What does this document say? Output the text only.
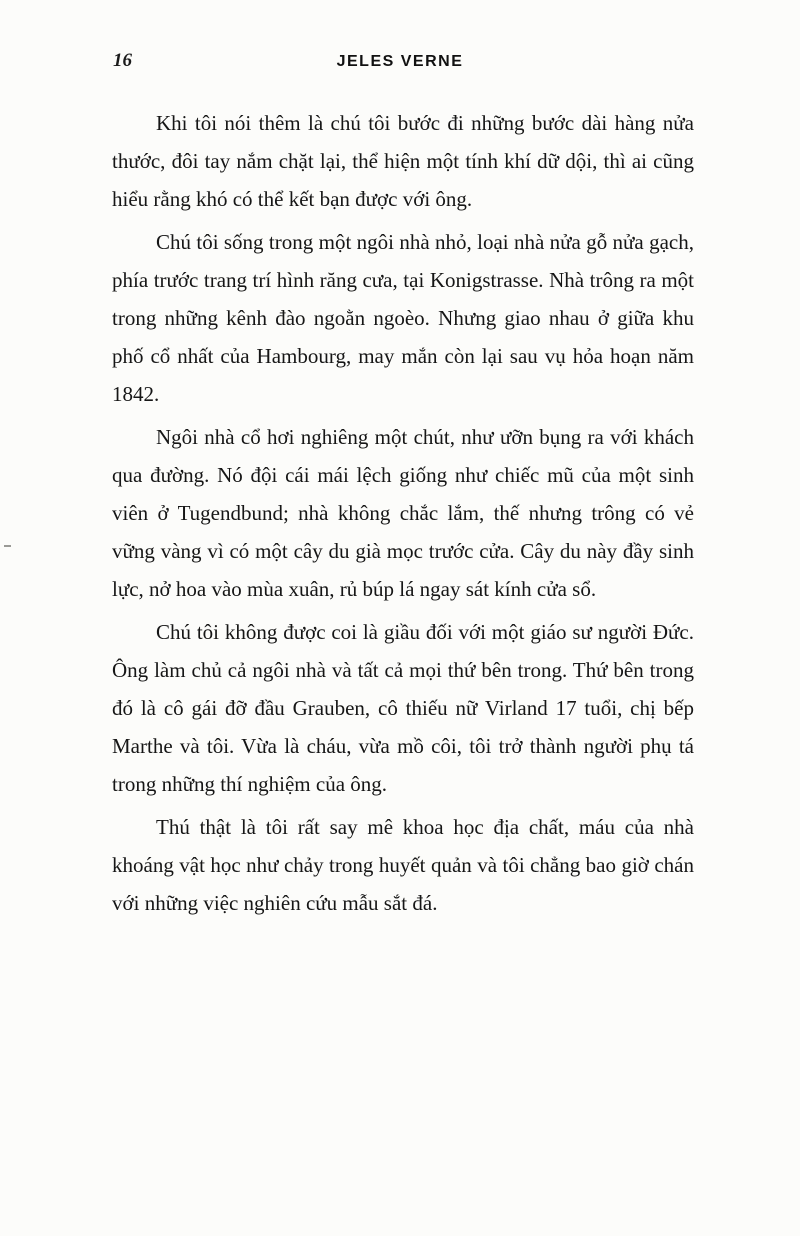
16	JELES VERNE

Khi tôi nói thêm là chú tôi bước đi những bước dài hàng nửa thước, đôi tay nắm chặt lại, thể hiện một tính khí dữ dội, thì ai cũng hiểu rằng khó có thể kết bạn được với ông.

Chú tôi sống trong một ngôi nhà nhỏ, loại nhà nửa gỗ nửa gạch, phía trước trang trí hình răng cưa, tại Konigstrasse. Nhà trông ra một trong những kênh đào ngoằn ngoèo. Nhưng giao nhau ở giữa khu phố cổ nhất của Hambourg, may mắn còn lại sau vụ hỏa hoạn năm 1842.

Ngôi nhà cổ hơi nghiêng một chút, như ưỡn bụng ra với khách qua đường. Nó đội cái mái lệch giống như chiếc mũ của một sinh viên ở Tugendbund; nhà không chắc lắm, thế nhưng trông có vẻ vững vàng vì có một cây du già mọc trước cửa. Cây du này đầy sinh lực, nở hoa vào mùa xuân, rủ búp lá ngay sát kính cửa sổ.

Chú tôi không được coi là giầu đối với một giáo sư người Đức. Ông làm chủ cả ngôi nhà và tất cả mọi thứ bên trong. Thứ bên trong đó là cô gái đỡ đầu Grauben, cô thiếu nữ Virland 17 tuổi, chị bếp Marthe và tôi. Vừa là cháu, vừa mồ côi, tôi trở thành người phụ tá trong những thí nghiệm của ông.

Thú thật là tôi rất say mê khoa học địa chất, máu của nhà khoáng vật học như chảy trong huyết quản và tôi chẳng bao giờ chán với những việc nghiên cứu mẫu sắt đá.
